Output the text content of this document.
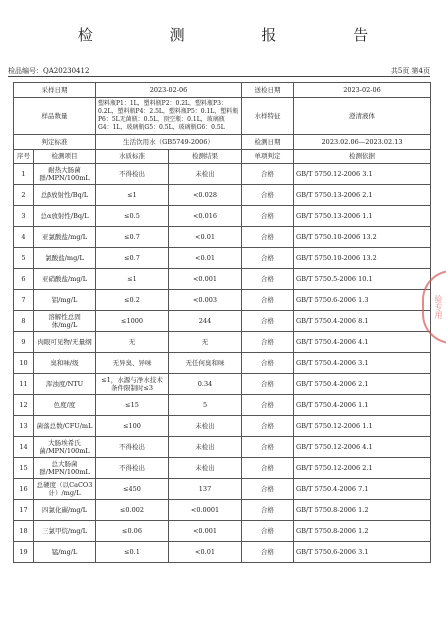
检 测 报 告
检品编号：QA20230412	共5页 第4页
采样日期		2023-02-06		送检日期	2023-02-06
样品数量		塑料瓶P1：1L，塑料瓶P2：0.2L，塑料瓶P3：0.2L，塑料瓶P4：2.5L，塑料瓶P5：0.1L，塑料瓶P6：5L无菌瓶：0.5L，顶空瓶：0.1L，玻璃瓶G4：1L，玻璃瓶G5：0.5L，玻璃瓶G6：0.5L		水样特征	澄清液体
判定标准		生活饮用水（GB5749-2006）		检测日期	2023.02.06—2023.02.13
序号	检测项目	水质标准	检测结果	单项判定	检测依据
1	耐热大肠菌群/MPN/100mL	不得检出	未检出	合格	GB/T 5750.12-2006 3.1
2	总β放射性/Bq/L	≤1	<0.028	合格	GB/T 5750.13-2006 2.1
3	总α放射性/Bq/L	≤0.5	<0.016	合格	GB/T 5750.13-2006 1.1
4	亚氯酸盐/mg/L	≤0.7	<0.01	合格	GB/T 5750.10-2006 13.2
5	氯酸盐/mg/L	≤0.7	<0.01	合格	GB/T 5750.10-2006 13.2
6	亚硝酸盐/mg/L	≤1	<0.001	合格	GB/T 5750.5-2006 10.1
7	铝/mg/L	≤0.2	<0.003	合格	GB/T 5750.6-2006 1.3
8	溶解性总固体/mg/L	≤1000	244	合格	GB/T 5750.4-2006 8.1
9	肉眼可见物/无量纲	无	无	合格	GB/T 5750.4-2006 4.1
10	臭和味/级	无异臭、异味	无任何臭和味	合格	GB/T 5750.4-2006 3.1
11	浑浊度/NTU	≤1，水源与净水技术条件限制时≤3	0.34	合格	GB/T 5750.4-2006 2.1
12	色度/度	≤15	5	合格	GB/T 5750.4-2006 1.1
13	菌落总数/CFU/mL	≤100	未检出	合格	GB/T 5750.12-2006 1.1
14	大肠埃希氏菌/MPN/100mL	不得检出	未检出	合格	GB/T 5750.12-2006 4.1
15	总大肠菌群/MPN/100mL	不得检出	未检出	合格	GB/T 5750.12-2006 2.1
16	总硬度（以CaCO3计）/mg/L	≤450	137	合格	GB/T 5750.4-2006 7.1
17	四氯化碳/mg/L	≤0.002	<0.0001	合格	GB/T 5750.8-2006 1.2
18	三氯甲烷/mg/L	≤0.06	<0.001	合格	GB/T 5750.8-2006 1.2
19	锰/mg/L	≤0.1	<0.01	合格	GB/T 5750.6-2006 3.1
验专用
